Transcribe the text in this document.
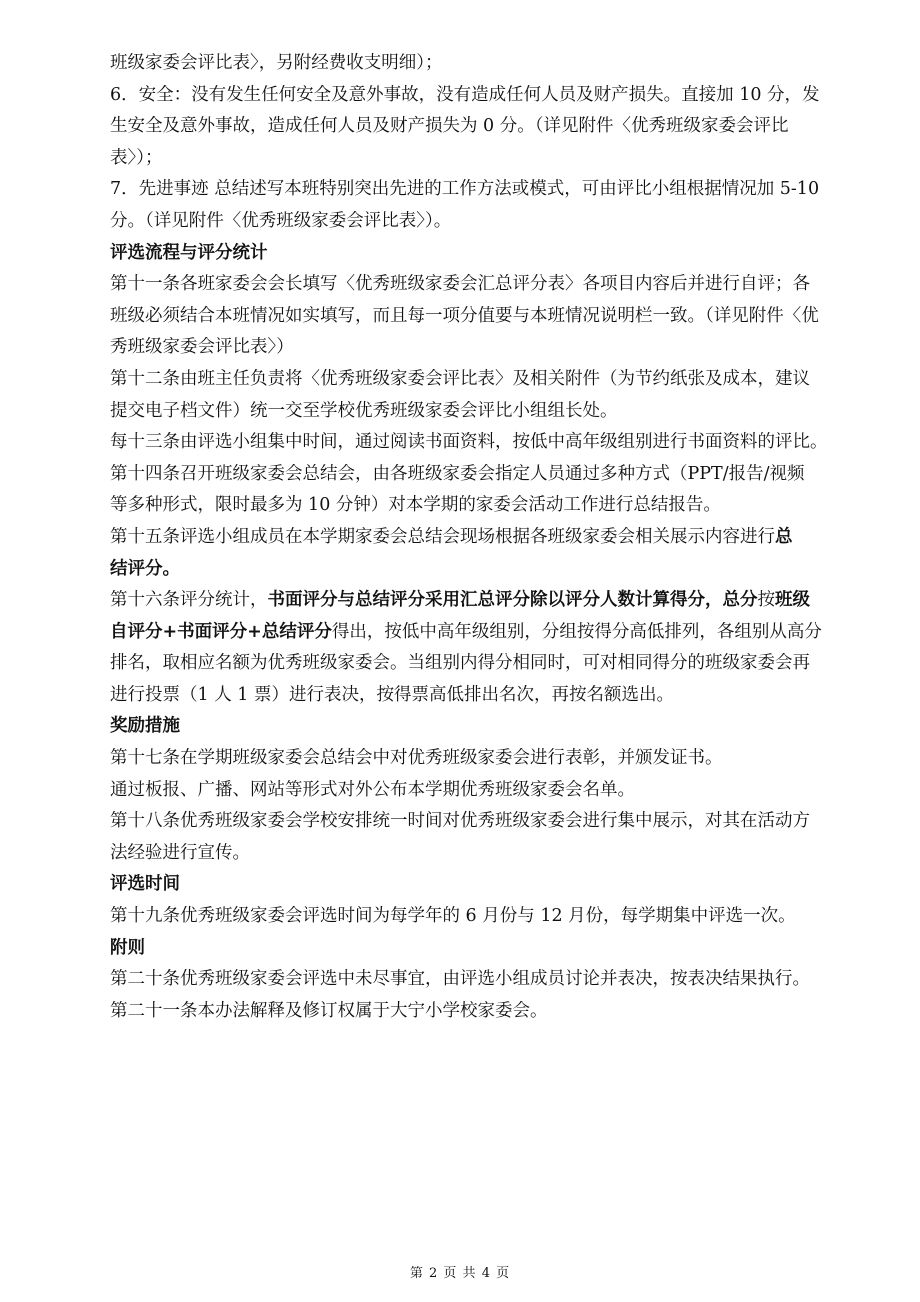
班级家委会评比表〉，另附经费收支明细）；
6．安全：没有发生任何安全及意外事故，没有造成任何人员及财产损失。直接加 10 分，发
生安全及意外事故，造成任何人员及财产损失为 0 分。（详见附件〈优秀班级家委会评比
表〉）；
7．先进事迹 总结述写本班特别突出先进的工作方法或模式，可由评比小组根据情况加 5-10
分。（详见附件〈优秀班级家委会评比表〉）。
评选流程与评分统计
第十一条各班家委会会长填写〈优秀班级家委会汇总评分表〉各项目内容后并进行自评；各
班级必须结合本班情况如实填写，而且每一项分值要与本班情况说明栏一致。（详见附件〈优
秀班级家委会评比表〉）
第十二条由班主任负责将〈优秀班级家委会评比表〉及相关附件（为节约纸张及成本，建议
提交电子档文件）统一交至学校优秀班级家委会评比小组组长处。
每十三条由评选小组集中时间，通过阅读书面资料，按低中高年级组别进行书面资料的评比。
第十四条召开班级家委会总结会，由各班级家委会指定人员通过多种方式（PPT/报告/视频
等多种形式，限时最多为 10 分钟）对本学期的家委会活动工作进行总结报告。
第十五条评选小组成员在本学期家委会总结会现场根据各班级家委会相关展示内容进行总
结评分。
第十六条评分统计，书面评分与总结评分采用汇总评分除以评分人数计算得分，总分按班级
自评分+书面评分+总结评分得出，按低中高年级组别，分组按得分高低排列，各组别从高分
排名，取相应名额为优秀班级家委会。当组别内得分相同时，可对相同得分的班级家委会再
进行投票（1 人 1 票）进行表决，按得票高低排出名次，再按名额选出。
奖励措施
第十七条在学期班级家委会总结会中对优秀班级家委会进行表彰，并颁发证书。
通过板报、广播、网站等形式对外公布本学期优秀班级家委会名单。
第十八条优秀班级家委会学校安排统一时间对优秀班级家委会进行集中展示，对其在活动方
法经验进行宣传。
评选时间
第十九条优秀班级家委会评选时间为每学年的 6 月份与 12 月份，每学期集中评选一次。
附则
第二十条优秀班级家委会评选中未尽事宜，由评选小组成员讨论并表决，按表决结果执行。
第二十一条本办法解释及修订权属于大宁小学校家委会。
第 2 页 共 4 页
